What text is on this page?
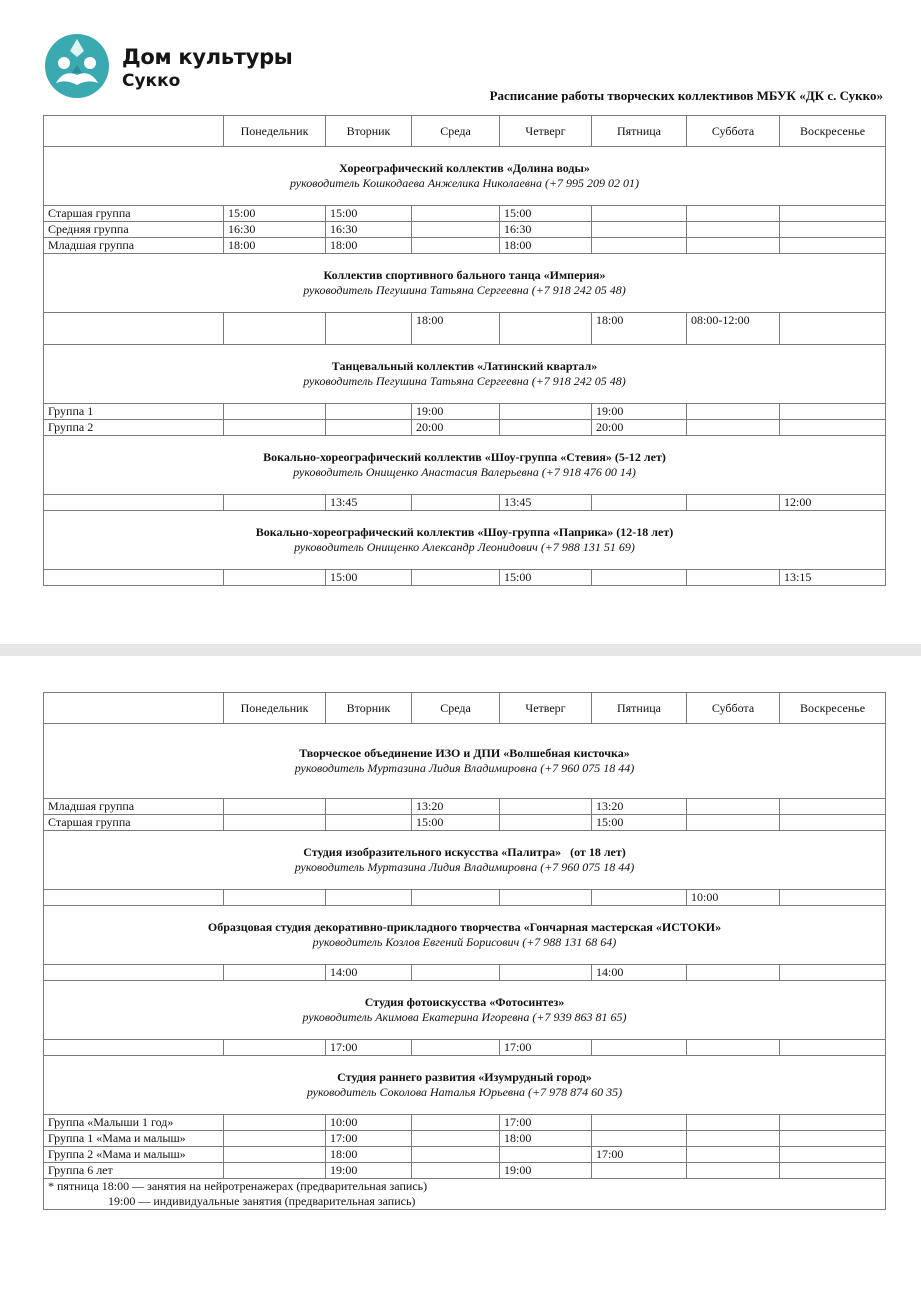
Дом культуры
Сукко
Расписание работы творческих коллективов МБУК «ДК с. Сукко»
	Понедельник	Вторник	Среда	Четверг	Пятница	Суббота	Воскресенье

Хореографический коллектив «Долина воды»
руководитель Кошкодаева Анжелика Николаевна (+7 995 209 02 01)							

Старшая группа	15:00	15:00		15:00			
Средняя группа	16:30	16:30		16:30			
Младшая группа	18:00	18:00		18:00			

Коллектив спортивного бального танца «Империя»
руководитель Пегушина Татьяна Сергеевна (+7 918 242 05 48)							

			18:00		18:00	08:00-12:00	

Танцевальный коллектив «Латинский квартал»
руководитель Пегушина Татьяна Сергеевна (+7 918 242 05 48)							

Группа 1			19:00		19:00		
Группа 2			20:00		20:00		

Вокально-хореографический коллектив «Шоу-группа «Стевия» (5-12 лет)
руководитель Онищенко Анастасия Валерьевна (+7 918 476 00 14)							

		13:45		13:45			12:00

Вокально-хореографический коллектив «Шоу-группа «Паприка» (12-18 лет)
руководитель Онищенко Александр Леонидович (+7 988 131 51 69)							

		15:00		15:00			13:15
	Понедельник	Вторник	Среда	Четверг	Пятница	Суббота	Воскресенье

Творческое объединение ИЗО и ДПИ «Волшебная кисточка»
руководитель Муртазина Лидия Владимировна (+7 960 075 18 44)							

Младшая группа			13:20		13:20		
Старшая группа			15:00		15:00		

Студия изобразительного искусства «Палитра»   (от 18 лет)
руководитель Муртазина Лидия Владимировна (+7 960 075 18 44)							

						10:00	

Образцовая студия декоративно-прикладного творчества «Гончарная мастерская «ИСТОКИ»
руководитель Козлов Евгений Борисович (+7 988 131 68 64)							

		14:00			14:00		

Студия фотоискусства «Фотосинтез»
руководитель Акимова Екатерина Игоревна (+7 939 863 81 65)							

		17:00		17:00			

Студия раннего развития «Изумрудный город»
руководитель Соколова Наталья Юрьевна (+7 978 874 60 35)							

Группа «Малыши 1 год»		10:00		17:00			
Группа 1 «Мама и малыш»		17:00		18:00			
Группа 2 «Мама и малыш»		18:00			17:00		
Группа 6 лет		19:00		19:00			

* пятница 18:00 — занятия на нейротренажерах (предварительная запись)
19:00 — индивидуальные занятия (предварительная запись)							
